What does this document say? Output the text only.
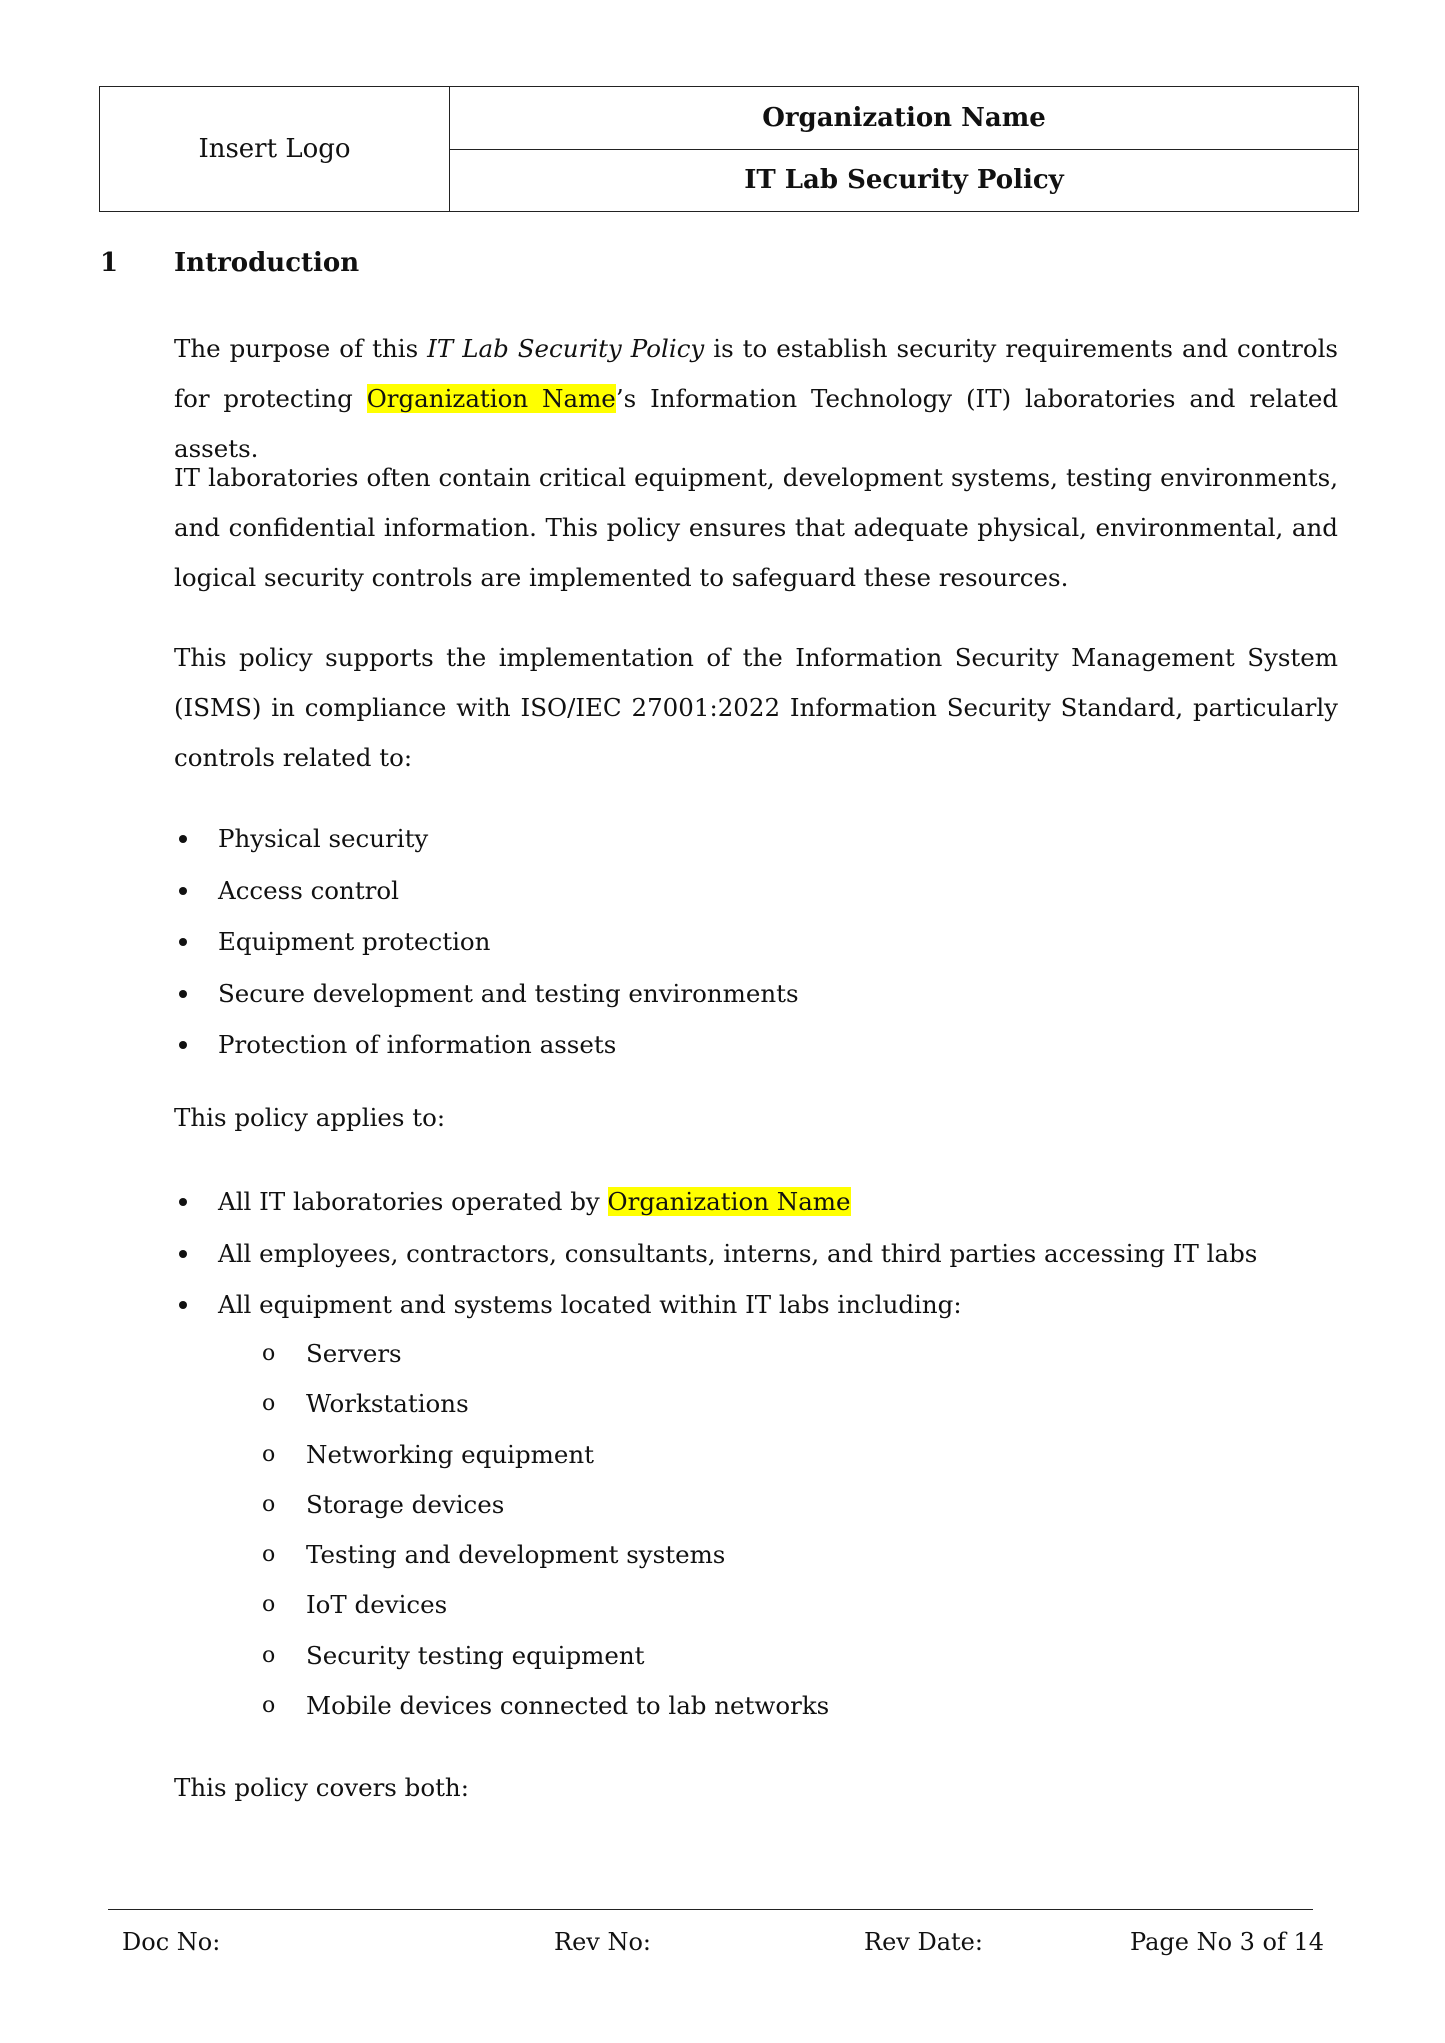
Insert Logo
Organization Name
IT Lab Security Policy
1 Introduction
The purpose of this IT Lab Security Policy is to establish security requirements and controls for protecting Organization Name’s Information Technology (IT) laboratories and related assets.
IT laboratories often contain critical equipment, development systems, testing environments, and confidential information. This policy ensures that adequate physical, environmental, and logical security controls are implemented to safeguard these resources.
This policy supports the implementation of the Information Security Management System (ISMS) in compliance with ISO/IEC 27001:2022 Information Security Standard, particularly controls related to:
Physical security
Access control
Equipment protection
Secure development and testing environments
Protection of information assets
This policy applies to:
All IT laboratories operated by Organization Name
All employees, contractors, consultants, interns, and third parties accessing IT labs
All equipment and systems located within IT labs including:
o Servers
o Workstations
o Networking equipment
o Storage devices
o Testing and development systems
o IoT devices
o Security testing equipment
o Mobile devices connected to lab networks
This policy covers both:
Doc No:	Rev No:	Rev Date:	Page No 3 of 14
